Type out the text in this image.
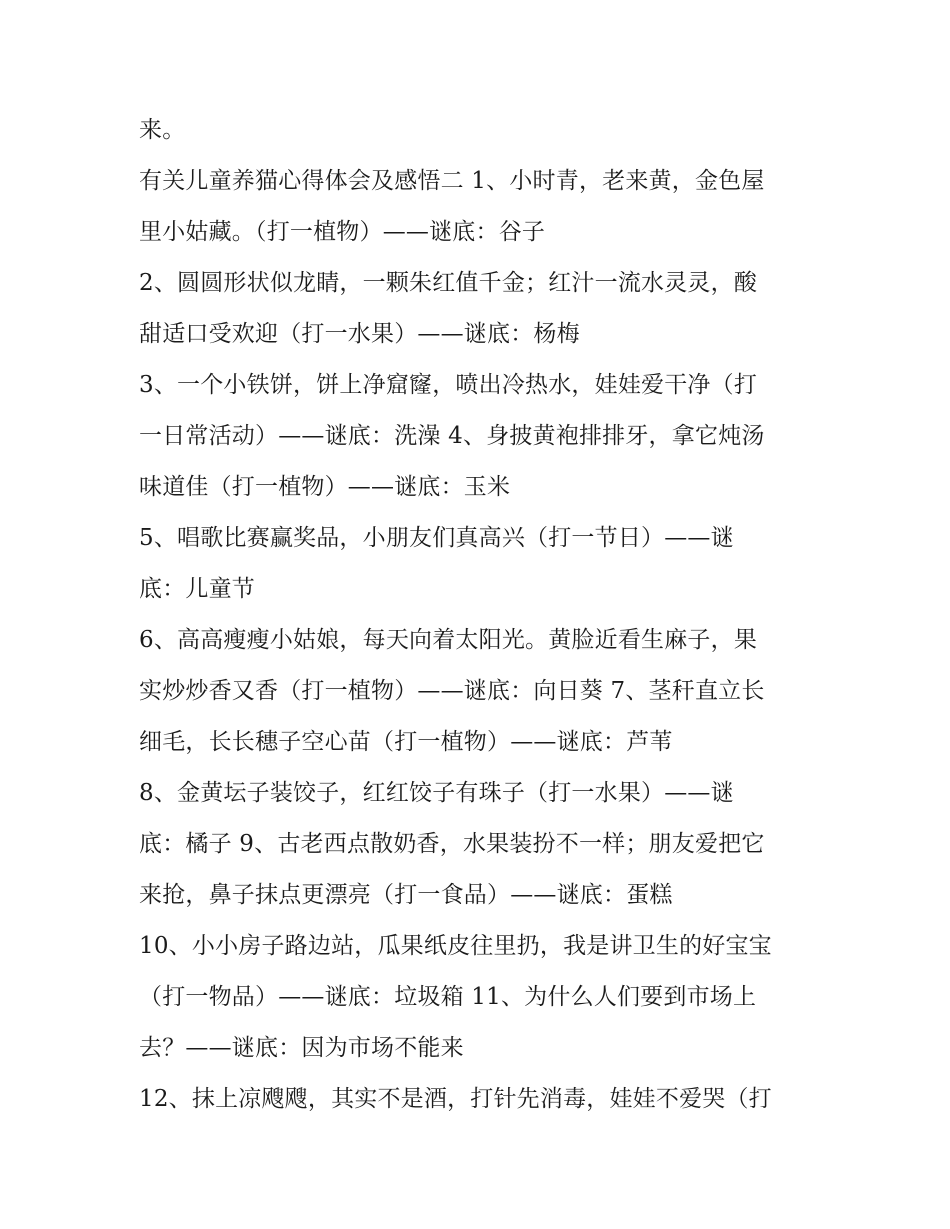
来。
有关儿童养猫心得体会及感悟二 1、小时青，老来黄，金色屋
里小姑藏。（打一植物）——谜底：谷子
2、圆圆形状似龙睛，一颗朱红值千金；红汁一流水灵灵，酸
甜适口受欢迎（打一水果）——谜底：杨梅
3、一个小铁饼，饼上净窟窿，喷出冷热水，娃娃爱干净（打
一日常活动）——谜底：洗澡 4、身披黄袍排排牙，拿它炖汤
味道佳（打一植物）——谜底：玉米
5、唱歌比赛赢奖品，小朋友们真高兴（打一节日）——谜
底：儿童节
6、高高瘦瘦小姑娘，每天向着太阳光。黄脸近看生麻子，果
实炒炒香又香（打一植物）——谜底：向日葵 7、茎秆直立长
细毛，长长穗子空心苗（打一植物）——谜底：芦苇
8、金黄坛子装饺子，红红饺子有珠子（打一水果）——谜
底：橘子 9、古老西点散奶香，水果装扮不一样；朋友爱把它
来抢，鼻子抹点更漂亮（打一食品）——谜底：蛋糕
10、小小房子路边站，瓜果纸皮往里扔，我是讲卫生的好宝宝
（打一物品）——谜底：垃圾箱 11、为什么人们要到市场上
去？——谜底：因为市场不能来
12、抹上凉飕飕，其实不是酒，打针先消毒，娃娃不爱哭（打
